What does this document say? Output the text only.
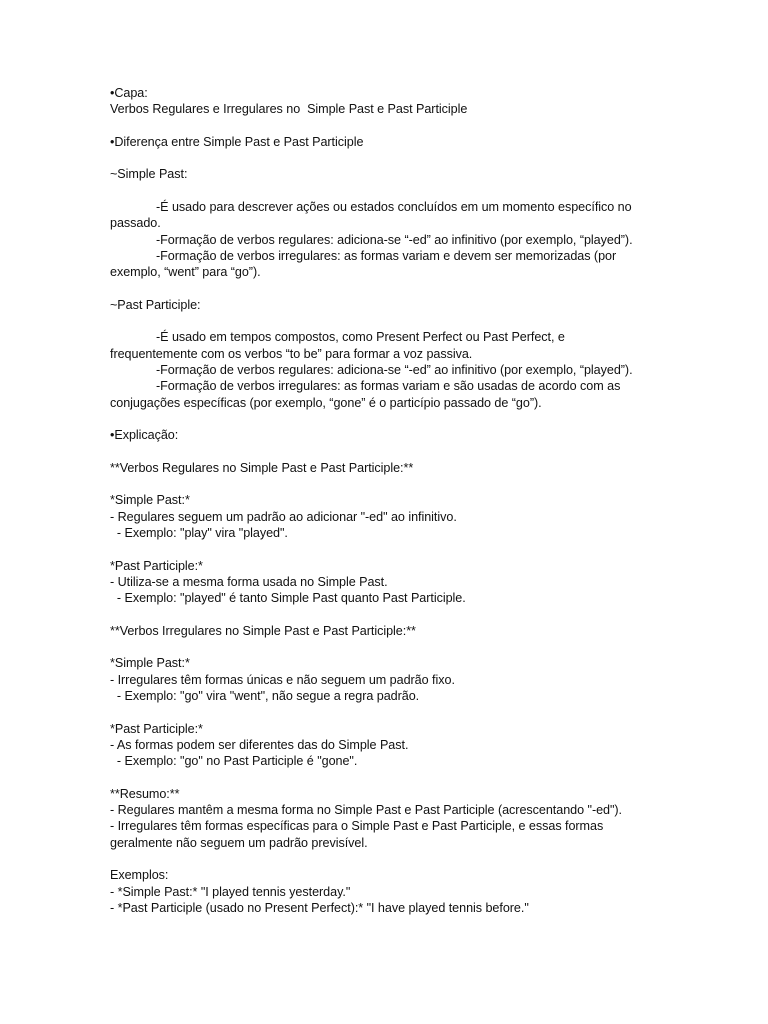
•Capa:
Verbos Regulares e Irregulares no  Simple Past e Past Participle
•Diferença entre Simple Past e Past Participle
~Simple Past:
-É usado para descrever ações ou estados concluídos em um momento específico no
passado.
-Formação de verbos regulares: adiciona-se “-ed” ao infinitivo (por exemplo, “played”).
-Formação de verbos irregulares: as formas variam e devem ser memorizadas (por
exemplo, “went” para “go”).
~Past Participle:
-É usado em tempos compostos, como Present Perfect ou Past Perfect, e
frequentemente com os verbos “to be” para formar a voz passiva.
-Formação de verbos regulares: adiciona-se “-ed” ao infinitivo (por exemplo, “played”).
-Formação de verbos irregulares: as formas variam e são usadas de acordo com as
conjugações específicas (por exemplo, “gone” é o particípio passado de “go”).
•Explicação:
**Verbos Regulares no Simple Past e Past Participle:**
*Simple Past:*
- Regulares seguem um padrão ao adicionar "-ed" ao infinitivo.
- Exemplo: "play" vira "played".
*Past Participle:*
- Utiliza-se a mesma forma usada no Simple Past.
- Exemplo: "played" é tanto Simple Past quanto Past Participle.
**Verbos Irregulares no Simple Past e Past Participle:**
*Simple Past:*
- Irregulares têm formas únicas e não seguem um padrão fixo.
- Exemplo: "go" vira "went", não segue a regra padrão.
*Past Participle:*
- As formas podem ser diferentes das do Simple Past.
- Exemplo: "go" no Past Participle é "gone".
**Resumo:**
- Regulares mantêm a mesma forma no Simple Past e Past Participle (acrescentando "-ed").
- Irregulares têm formas específicas para o Simple Past e Past Participle, e essas formas
geralmente não seguem um padrão previsível.
Exemplos:
- *Simple Past:* "I played tennis yesterday."
- *Past Participle (usado no Present Perfect):* "I have played tennis before."
